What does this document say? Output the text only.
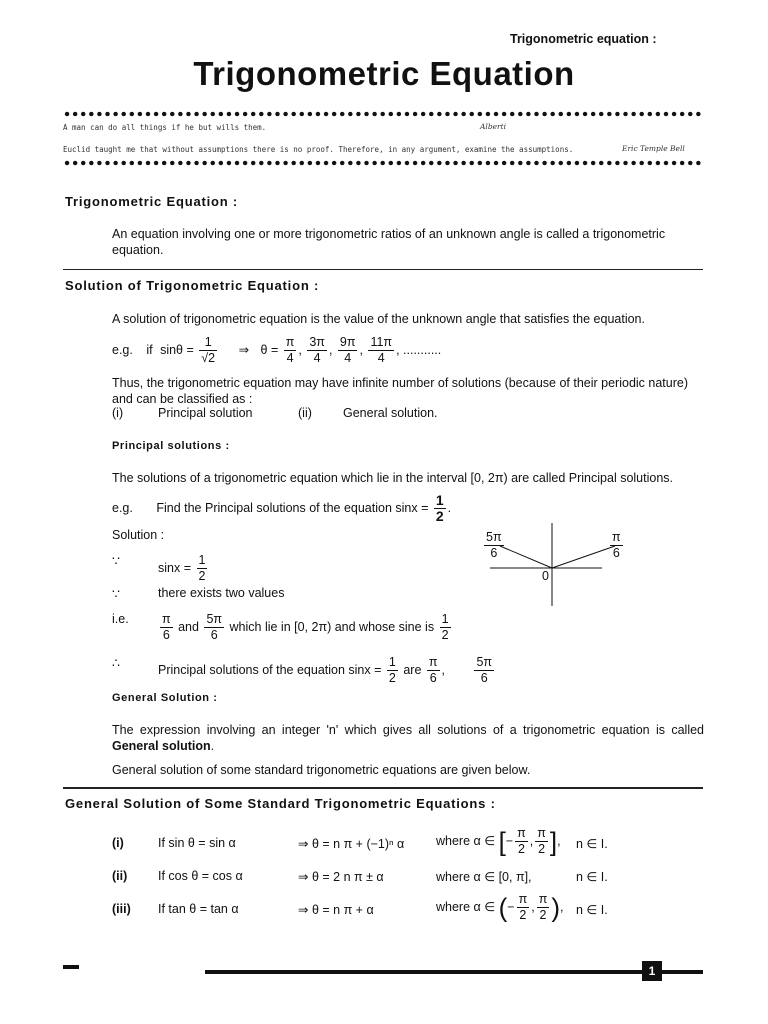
Trigonometric equation :
Trigonometric Equation
A man can do all things if he but wills them.	Alberti
Euclid taught me that without assumptions there is no proof. Therefore, in any argument, examine the assumptions.	Eric Temple Bell
Trigonometric Equation :
An equation involving one or more trigonometric ratios of an unknown angle is called a trigonometric equation.
Solution of Trigonometric Equation :
A solution of trigonometric equation is the value of the unknown angle that satisfies the equation.
e.g. if $\sin\theta = \frac{1}{√2}$ ⇒ $\theta = \frac{\pi}{4}$ , $\frac{3\pi}{4}$ , $\frac{9\pi}{4}$ , $\frac{11\pi}{4}$ , ...........
Thus, the trigonometric equation may have infinite number of solutions (because of their periodic nature) and can be classified as :
(i)	Principal solution	(ii) General solution.
Principal solutions :
The solutions of a trigonometric equation which lie in the interval [0, 2π) are called Principal solutions.
e.g. Find the Principal solutions of the equation $\sin x = \frac{1}{2}$ .
Solution :
∵	$\sin x = \frac{1}{2}$
∵	there exists two values
i.e.	$\frac{\pi}{6}$ and $\frac{5\pi}{6}$ which lie in [0, 2π) and whose sine is $\frac{1}{2}$
∴	Principal solutions of the equation $\sin x = \frac{1}{2}$ are $\frac{\pi}{6}$ , $\frac{5\pi}{6}$
$\frac{5\pi}{6}$	$\frac{\pi}{6}$
0
General Solution :
The expression involving an integer 'n' which gives all solutions of a trigonometric equation is called General solution.
General solution of some standard trigonometric equations are given below.
General Solution of Some Standard Trigonometric Equations :
(i)	If sin θ = sin α	⇒ θ = n π + (−1)ⁿ α	where α ∈ [− $\frac{\pi}{2}$ , $\frac{\pi}{2}$ ], n ∈ I.
(ii) If cos θ = cos α	⇒ θ = 2 n π ± α	where α ∈ [0, π],	n ∈ I.
(iii) If tan θ = tan α	⇒ θ = n π + α	where α ∈ (− $\frac{\pi}{2}$ , $\frac{\pi}{2}$ ), n ∈ I.
1
